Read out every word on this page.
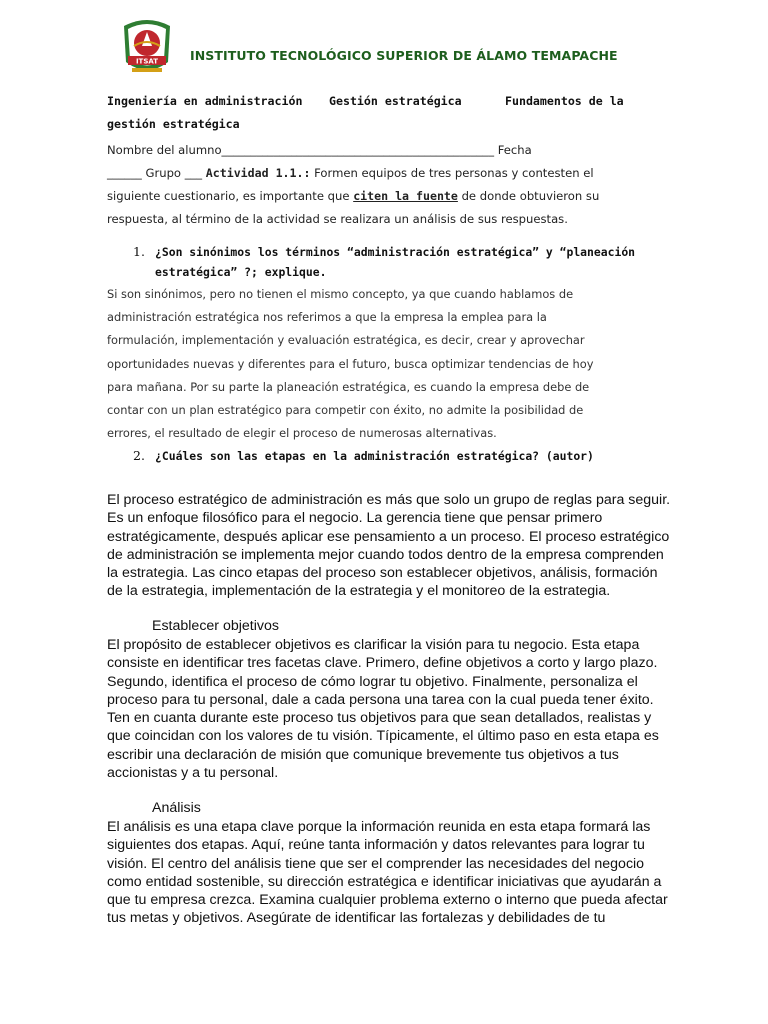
ITSAT	INSTITUTO TECNOLÓGICO SUPERIOR DE ÁLAMO TEMAPACHE
Ingeniería en administración Gestión estratégica	Fundamentos de la
gestión estratégica
Nombre del alumno_______________________________________________ Fecha
______ Grupo ___ Actividad 1.1.: Formen equipos de tres personas y contesten el
siguiente cuestionario, es importante que citen la fuente de donde obtuvieron su
respuesta, al término de la actividad se realizara un análisis de sus respuestas.
1. ¿Son sinónimos los términos “administración estratégica” y “planeación
estratégica” ?; explique.
Si son sinónimos, pero no tienen el mismo concepto, ya que cuando hablamos de
administración estratégica nos referimos a que la empresa la emplea para la
formulación, implementación y evaluación estratégica, es decir, crear y aprovechar
oportunidades nuevas y diferentes para el futuro, busca optimizar tendencias de hoy
para mañana. Por su parte la planeación estratégica, es cuando la empresa debe de
contar con un plan estratégico para competir con éxito, no admite la posibilidad de
errores, el resultado de elegir el proceso de numerosas alternativas.
2. ¿Cuáles son las etapas en la administración estratégica? (autor)
El proceso estratégico de administración es más que solo un grupo de reglas para seguir.
Es un enfoque filosófico para el negocio. La gerencia tiene que pensar primero
estratégicamente, después aplicar ese pensamiento a un proceso. El proceso estratégico
de administración se implementa mejor cuando todos dentro de la empresa comprenden
la estrategia. Las cinco etapas del proceso son establecer objetivos, análisis, formación
de la estrategia, implementación de la estrategia y el monitoreo de la estrategia.
Establecer objetivos
El propósito de establecer objetivos es clarificar la visión para tu negocio. Esta etapa
consiste en identificar tres facetas clave. Primero, define objetivos a corto y largo plazo.
Segundo, identifica el proceso de cómo lograr tu objetivo. Finalmente, personaliza el
proceso para tu personal, dale a cada persona una tarea con la cual pueda tener éxito.
Ten en cuanta durante este proceso tus objetivos para que sean detallados, realistas y
que coincidan con los valores de tu visión. Típicamente, el último paso en esta etapa es
escribir una declaración de misión que comunique brevemente tus objetivos a tus
accionistas y a tu personal.
Análisis
El análisis es una etapa clave porque la información reunida en esta etapa formará las
siguientes dos etapas. Aquí, reúne tanta información y datos relevantes para lograr tu
visión. El centro del análisis tiene que ser el comprender las necesidades del negocio
como entidad sostenible, su dirección estratégica e identificar iniciativas que ayudarán a
que tu empresa crezca. Examina cualquier problema externo o interno que pueda afectar
tus metas y objetivos. Asegúrate de identificar las fortalezas y debilidades de tu
